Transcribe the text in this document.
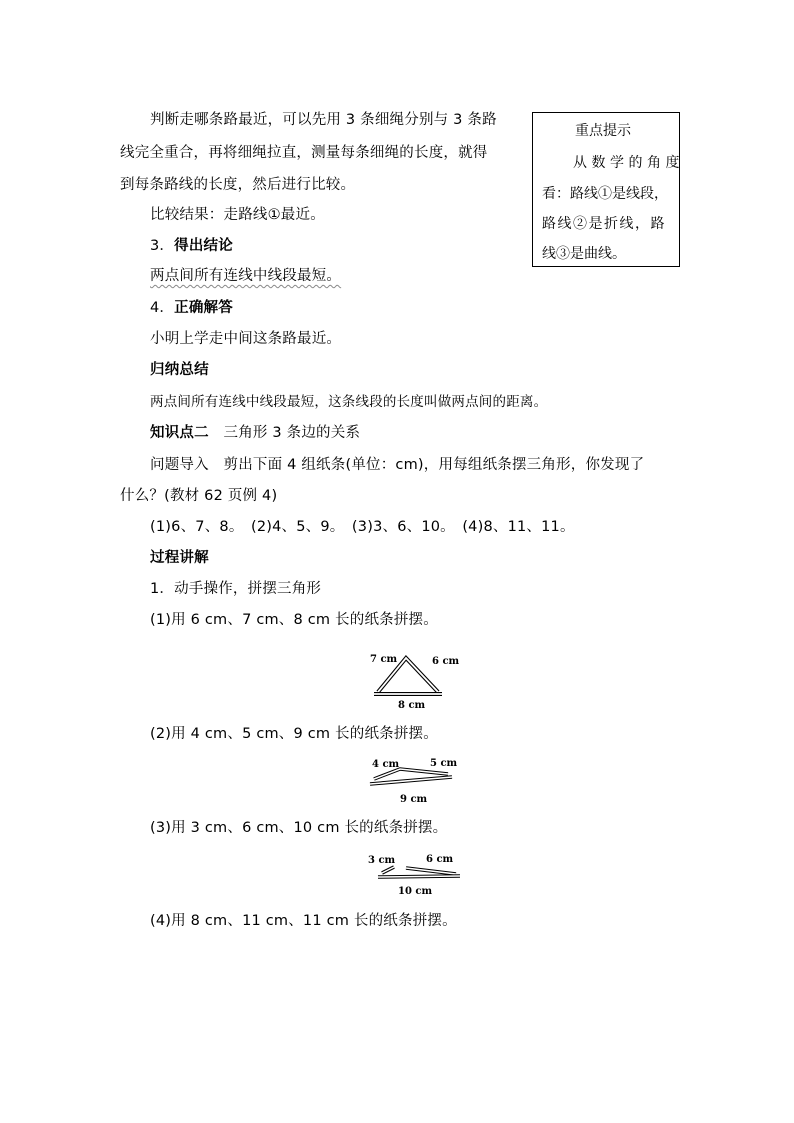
判断走哪条路最近，可以先用 3 条细绳分别与 3 条路
线完全重合，再将细绳拉直，测量每条细绳的长度，就得
到每条路线的长度，然后进行比较。
比较结果：走路线①最近。
3．得出结论
两点间所有连线中线段最短。
4．正确解答
小明上学走中间这条路最近。
重点提示
从数学的角度
看：路线①是线段，
路线②是折线，路
线③是曲线。
归纳总结
两点间所有连线中线段最短，这条线段的长度叫做两点间的距离。
知识点二　 三角形 3 条边的关系
问题导入　 剪出下面 4 组纸条(单位：cm)，用每组纸条摆三角形，你发现了
什么？(教材 62 页例 4)
(1)6、7、8。　(2)4、5、9。　(3)3、6、10。　(4)8、11、11。
过程讲解
1．动手操作，拼摆三角形
(1)用 6 cm、7 cm、8 cm 长的纸条拼摆。
7 cm	6 cm
8 cm
(2)用 4 cm、5 cm、9 cm 长的纸条拼摆。
4 cm	5 cm
9 cm
(3)用 3 cm、6 cm、10 cm 长的纸条拼摆。
3 cm	6 cm
10 cm
(4)用 8 cm、11 cm、11 cm 长的纸条拼摆。
